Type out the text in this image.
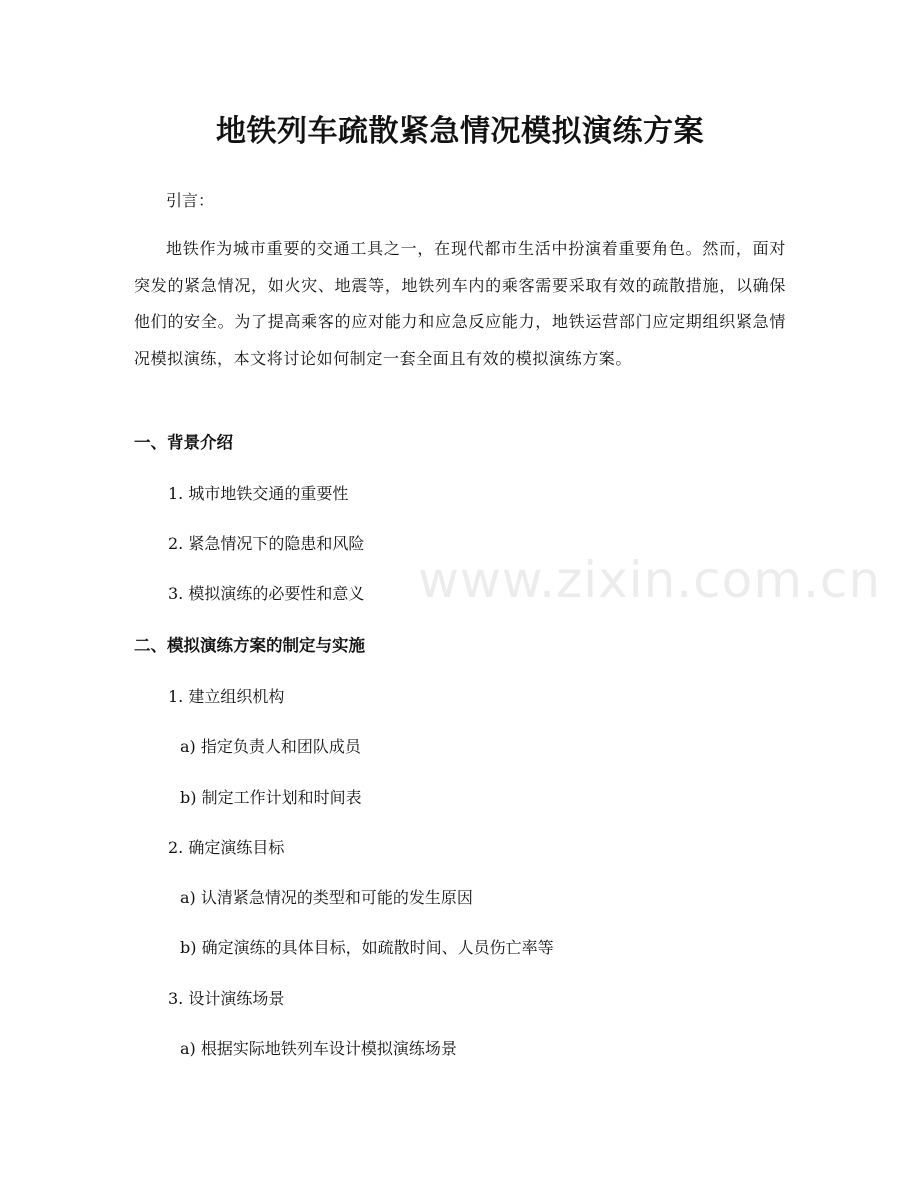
www.zixin.com.cn
地铁列车疏散紧急情况模拟演练方案
引言：
地铁作为城市重要的交通工具之一，在现代都市生活中扮演着重要角色。然而，面对突发的紧急情况，如火灾、地震等，地铁列车内的乘客需要采取有效的疏散措施，以确保他们的安全。为了提高乘客的应对能力和应急反应能力，地铁运营部门应定期组织紧急情况模拟演练，本文将讨论如何制定一套全面且有效的模拟演练方案。
一、背景介绍
1. 城市地铁交通的重要性
2. 紧急情况下的隐患和风险
3. 模拟演练的必要性和意义
二、模拟演练方案的制定与实施
1. 建立组织机构
a) 指定负责人和团队成员
b) 制定工作计划和时间表
2. 确定演练目标
a) 认清紧急情况的类型和可能的发生原因
b) 确定演练的具体目标，如疏散时间、人员伤亡率等
3. 设计演练场景
a) 根据实际地铁列车设计模拟演练场景
